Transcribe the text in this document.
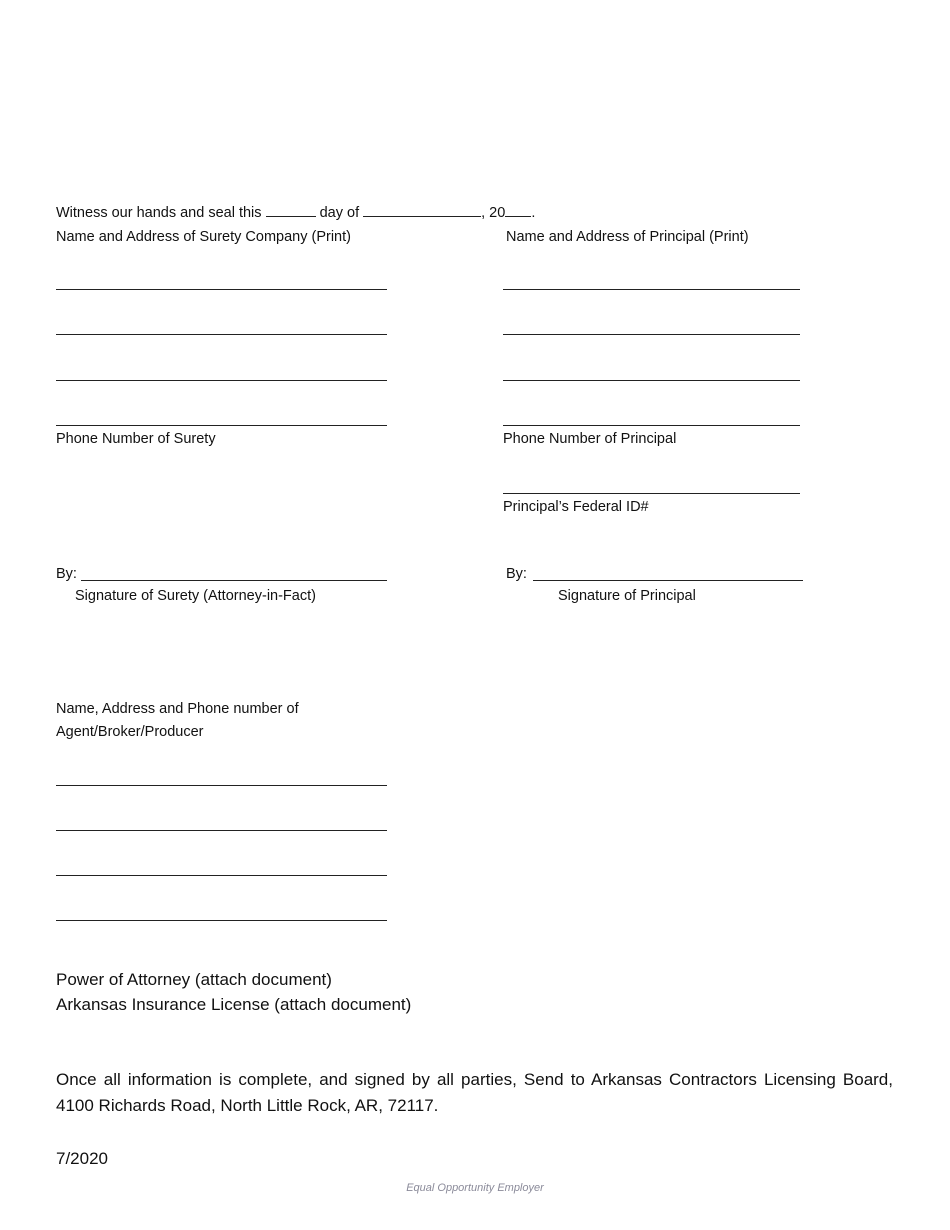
Witness our hands and seal this	day of	, 20 .
Name and Address of Surety Company (Print)	Name and Address of Principal (Print)
Phone Number of Surety	Phone Number of Principal
Principal’s Federal ID#
By:
Signature of Surety (Attorney-in-Fact)
By:
Signature of Principal
Name, Address and Phone number of
Agent/Broker/Producer
Power of Attorney (attach document)
Arkansas Insurance License (attach document)
Once all information is complete, and signed by all parties, Send to Arkansas Contractors Licensing Board, 4100 Richards Road, North Little Rock, AR, 72117.
7/2020
Equal Opportunity Employer
